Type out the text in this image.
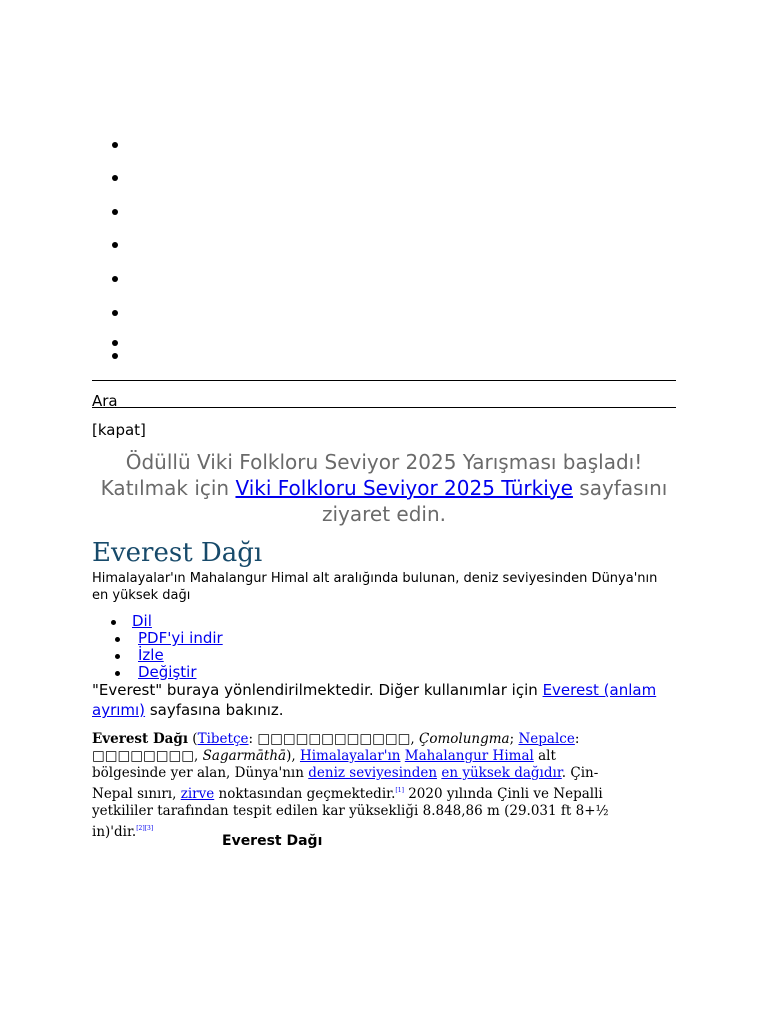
Ara
[kapat]
Ödüllü Viki Folkloru Seviyor 2025 Yarışması başladı! Katılmak için Viki Folkloru Seviyor 2025 Türkiye sayfasını ziyaret edin.
Everest Dağı
Himalayalar'ın Mahalangur Himal alt aralığında bulunan, deniz seviyesinden Dünya'nın en yüksek dağı
Dil
PDF'yi indir
İzle
Değiştir
"Everest" buraya yönlendirilmektedir. Diğer kullanımlar için Everest (anlam ayrımı) sayfasına bakınız.
Everest Dağı (Tibetçe: □□□□□□□□□□□□, Çomolungma; Nepalce: □□□□□□□□, Sagarmāthā), Himalayalar'ın Mahalangur Himal alt bölgesinde yer alan, Dünya'nın deniz seviyesinden en yüksek dağıdır. Çin-Nepal sınırı, zirve noktasından geçmektedir.[1] 2020 yılında Çinli ve Nepalli yetkililer tarafından tespit edilen kar yüksekliği 8.848,86 m (29.031 ft 8+½ in)'dir.[2][3]
Everest Dağı
